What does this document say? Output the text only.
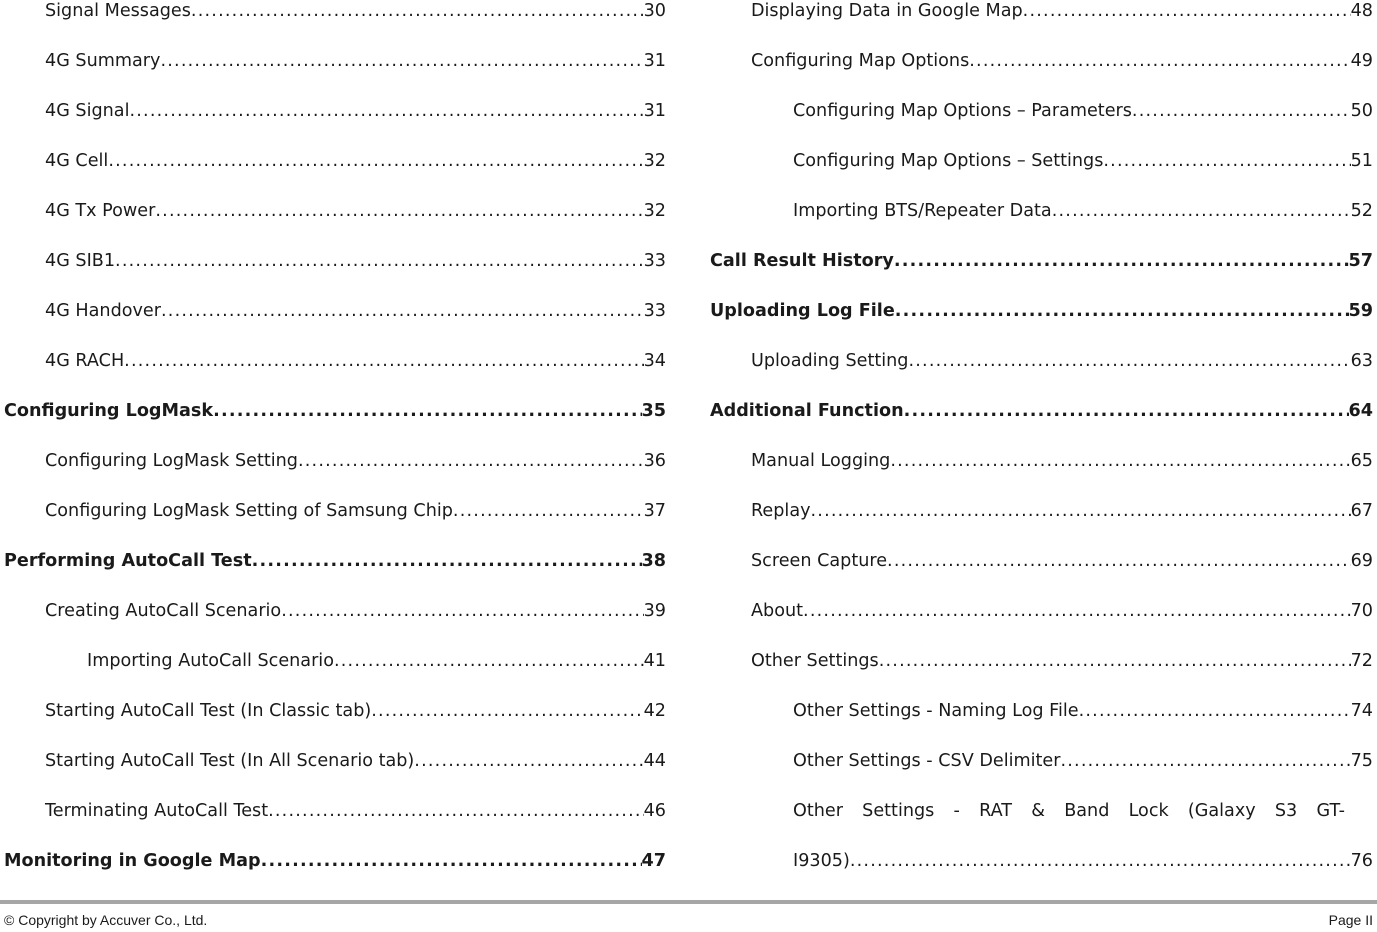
Signal Messages .....	30
4G Summary .....	31
4G Signal .....	31
4G Cell .....	32
4G Tx Power .....	32
4G SIB1 .....	33
4G Handover .....	33
4G RACH .....	34
Configuring LogMask .....	35
Configuring LogMask Setting .....	36
Configuring LogMask Setting of Samsung Chip .....	37
Performing AutoCall Test .....	38
Creating AutoCall Scenario .....	39
Importing AutoCall Scenario .....	41
Starting AutoCall Test (In Classic tab) .....	42
Starting AutoCall Test (In All Scenario tab) .....	44
Terminating AutoCall Test .....	46
Monitoring in Google Map .....	47
Displaying Data in Google Map .....	48
Configuring Map Options .....	49
Configuring Map Options – Parameters .....	50
Configuring Map Options – Settings .....	51
Importing BTS/Repeater Data .....	52
Call Result History .....	57
Uploading Log File .....	59
Uploading Setting .....	63
Additional Function .....	64
Manual Logging .....	65
Replay .....	67
Screen Capture .....	69
About .....	70
Other Settings .....	72
Other Settings - Naming Log File .....	74
Other Settings - CSV Delimiter .....	75
Other Settings - RAT & Band Lock (Galaxy S3 GT-
I9305) .....	76
© Copyright by Accuver Co., Ltd.	Page II
